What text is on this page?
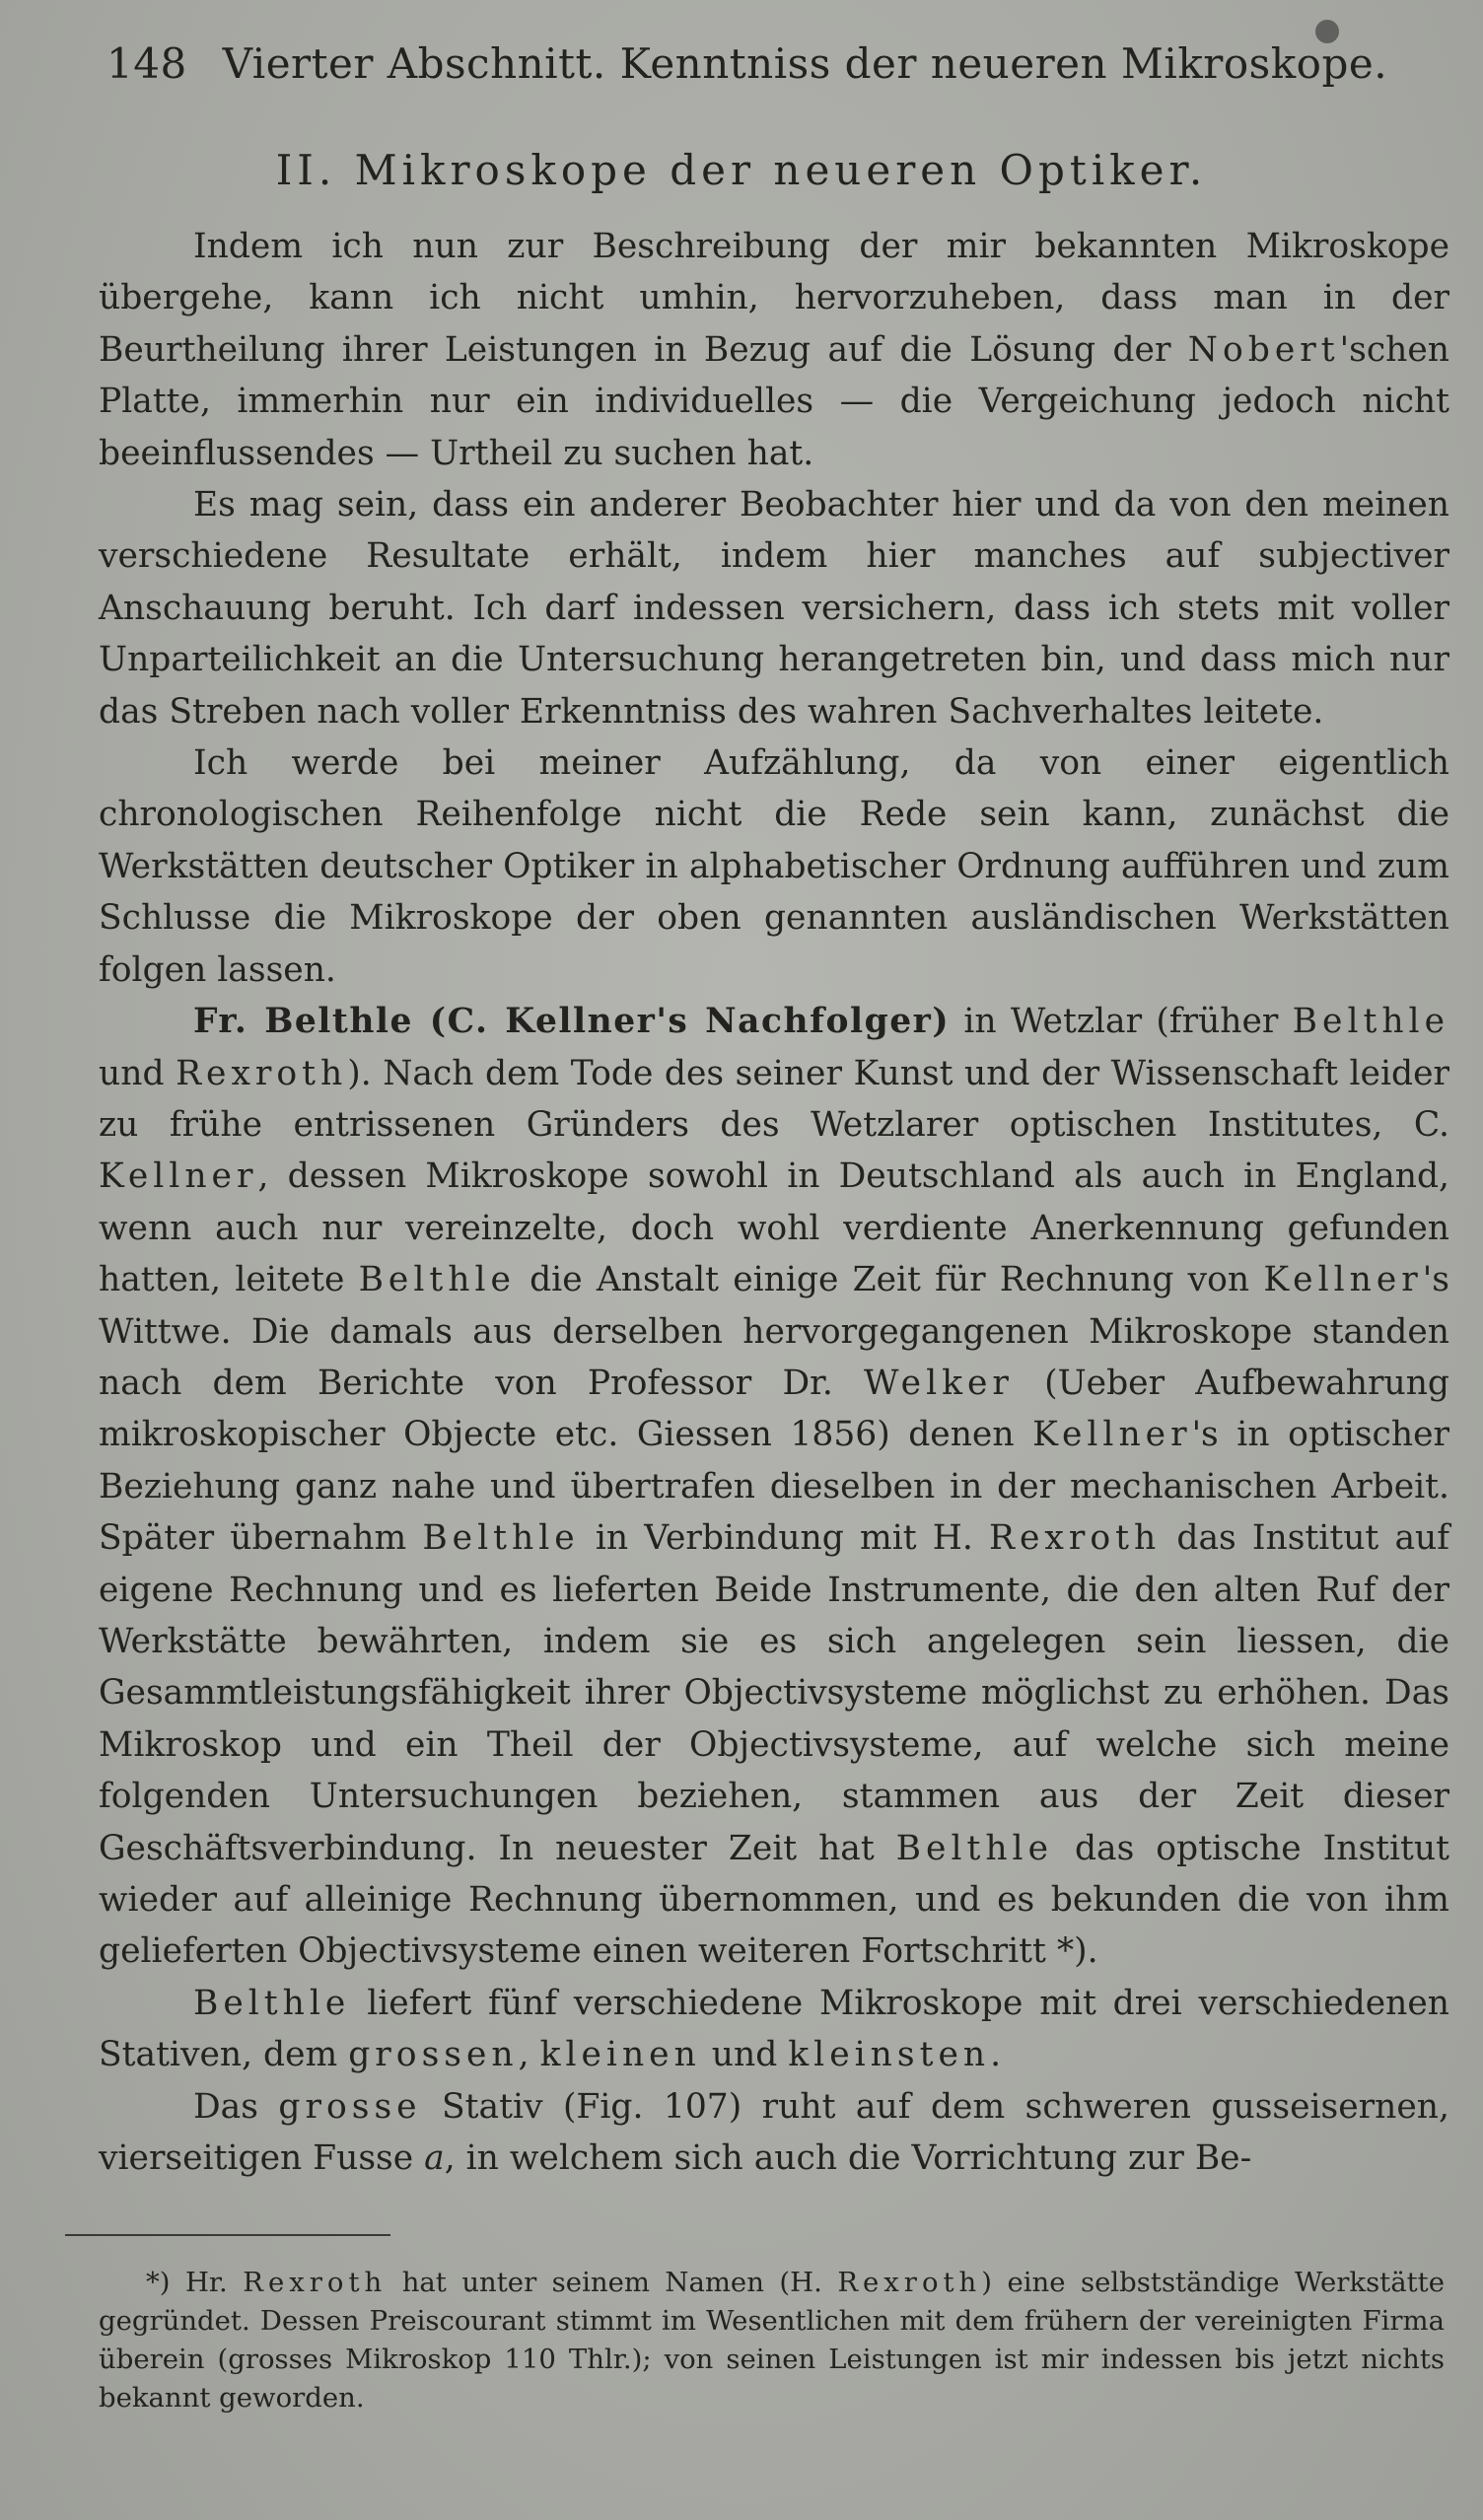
148 Vierter Abschnitt. Kenntniss der neueren Mikroskope.
II. Mikroskope der neueren Optiker.

Indem ich nun zur Beschreibung der mir bekannten Mikroskope übergehe, kann ich nicht umhin, hervorzuheben, dass man in der Beurtheilung ihrer Leistungen in Bezug auf die Lösung der Nobert'schen Platte, immerhin nur ein individuelles — die Vergeichung jedoch nicht beeinflussendes — Urtheil zu suchen hat.

Es mag sein, dass ein anderer Beobachter hier und da von den meinen verschiedene Resultate erhält, indem hier manches auf subjectiver Anschauung beruht. Ich darf indessen versichern, dass ich stets mit voller Unparteilichkeit an die Untersuchung herangetreten bin, und dass mich nur das Streben nach voller Erkenntniss des wahren Sachverhaltes leitete.

Ich werde bei meiner Aufzählung, da von einer eigentlich chronologischen Reihenfolge nicht die Rede sein kann, zunächst die Werkstätten deutscher Optiker in alphabetischer Ordnung aufführen und zum Schlusse die Mikroskope der oben genannten ausländischen Werkstätten folgen lassen.

Fr. Belthle (C. Kellner's Nachfolger) in Wetzlar (früher Belthle und Rexroth). Nach dem Tode des seiner Kunst und der Wissenschaft leider zu frühe entrissenen Gründers des Wetzlarer optischen Institutes, C. Kellner, dessen Mikroskope sowohl in Deutschland als auch in England, wenn auch nur vereinzelte, doch wohl verdiente Anerkennung gefunden hatten, leitete Belthle die Anstalt einige Zeit für Rechnung von Kellner's Wittwe. Die damals aus derselben hervorgegangenen Mikroskope standen nach dem Berichte von Professor Dr. Welker (Ueber Aufbewahrung mikroskopischer Objecte etc. Giessen 1856) denen Kellner's in optischer Beziehung ganz nahe und übertrafen dieselben in der mechanischen Arbeit. Später übernahm Belthle in Verbindung mit H. Rexroth das Institut auf eigene Rechnung und es lieferten Beide Instrumente, die den alten Ruf der Werkstätte bewährten, indem sie es sich angelegen sein liessen, die Gesammtleistungsfähigkeit ihrer Objectivsysteme möglichst zu erhöhen. Das Mikroskop und ein Theil der Objectivsysteme, auf welche sich meine folgenden Untersuchungen beziehen, stammen aus der Zeit dieser Geschäftsverbindung. In neuester Zeit hat Belthle das optische Institut wieder auf alleinige Rechnung übernommen, und es bekunden die von ihm gelieferten Objectivsysteme einen weiteren Fortschritt *).

Belthle liefert fünf verschiedene Mikroskope mit drei verschiedenen Stativen, dem grossen, kleinen und kleinsten.

Das grosse Stativ (Fig. 107) ruht auf dem schweren gusseisernen, vierseitigen Fusse a, in welchem sich auch die Vorrichtung zur Be-

*) Hr. Rexroth hat unter seinem Namen (H. Rexroth) eine selbstständige Werkstätte gegründet. Dessen Preiscourant stimmt im Wesentlichen mit dem frühern der vereinigten Firma überein (grosses Mikroskop 110 Thlr.); von seinen Leistungen ist mir indessen bis jetzt nichts bekannt geworden.
